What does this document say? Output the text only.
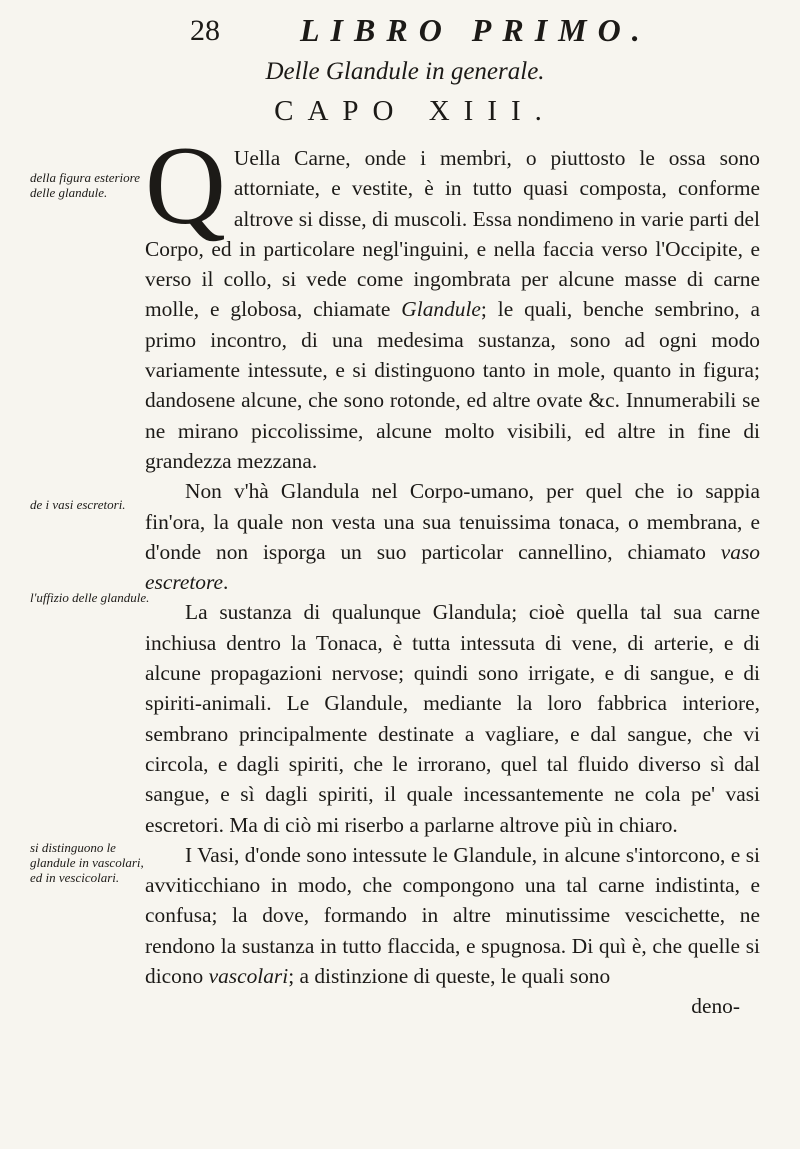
28	LIBRO PRIMO.
Delle Glandule in generale.
CAPO XIII.
della figura esteriore delle glandule.
de i vasi escretori.
l'uffizio delle glandule.
si distinguono le glandule in vascolari, ed in vescicolari.

Q Uella Carne, onde i membri, o piuttosto le ossa sono attorniate, e vestite, è in tutto quasi composta, conforme altrove si disse, di muscoli. Essa nondimeno in varie parti del Corpo, ed in particolare negl'inguini, e nella faccia verso l'Occipite, e verso il collo, si vede come ingombrata per alcune masse di carne molle, e globosa, chiamate Glandule; le quali, benche sembrino, a primo incontro, di una medesima sustanza, sono ad ogni modo variamente intessute, e si distinguono tanto in mole, quanto in figura; dandosene alcune, che sono rotonde, ed altre ovate &c. Innumerabili se ne mirano piccolissime, alcune molto visibili, ed altre in fine di grandezza mezzana.

Non v'hà Glandula nel Corpo-umano, per quel che io sappia fin'ora, la quale non vesta una sua tenuissima tonaca, o membrana, e d'onde non isporga un suo particolar cannellino, chiamato vaso escretore.

La sustanza di qualunque Glandula; cioè quella tal sua carne inchiusa dentro la Tonaca, è tutta intessuta di vene, di arterie, e di alcune propagazioni nervose; quindi sono irrigate, e di sangue, e di spiriti-animali. Le Glandule, mediante la loro fabbrica interiore, sembrano principalmente destinate a vagliare, e dal sangue, che vi circola, e dagli spiriti, che le irrorano, quel tal fluido diverso sì dal sangue, e sì dagli spiriti, il quale incessantemente ne cola pe' vasi escretori. Ma di ciò mi riserbo a parlarne altrove più in chiaro.

I Vasi, d'onde sono intessute le Glandule, in alcune s'intorcono, e si avviticchiano in modo, che compongono una tal carne indistinta, e confusa; la dove, formando in altre minutissime vescichette, ne rendono la sustanza in tutto flaccida, e spugnosa. Di quì è, che quelle si dicono vascolari; a distinzione di queste, le quali sono

deno-
